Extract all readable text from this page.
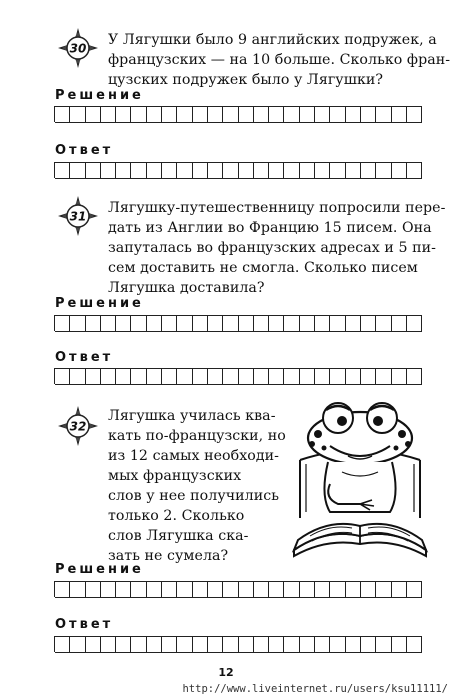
30

У Лягушки было 9 английских подружек, а
французских — на 10 больше. Сколько фран-
цузских подружек было у Лягушки?

Решение

Ответ

31

Лягушку-путешественницу попросили пере-
дать из Англии во Францию 15 писем. Она
запуталась во французских адресах и 5 пи-
сем доставить не смогла. Сколько писем
Лягушка доставила?

Решение

Ответ

32

Лягушка училась ква-
кать по-французски, но
из 12 самых необходи-
мых французских
слов у нее получились
только 2. Сколько
слов Лягушка ска-
зать не сумела?

Решение

Ответ

12
http://www.liveinternet.ru/users/ksu11111/
